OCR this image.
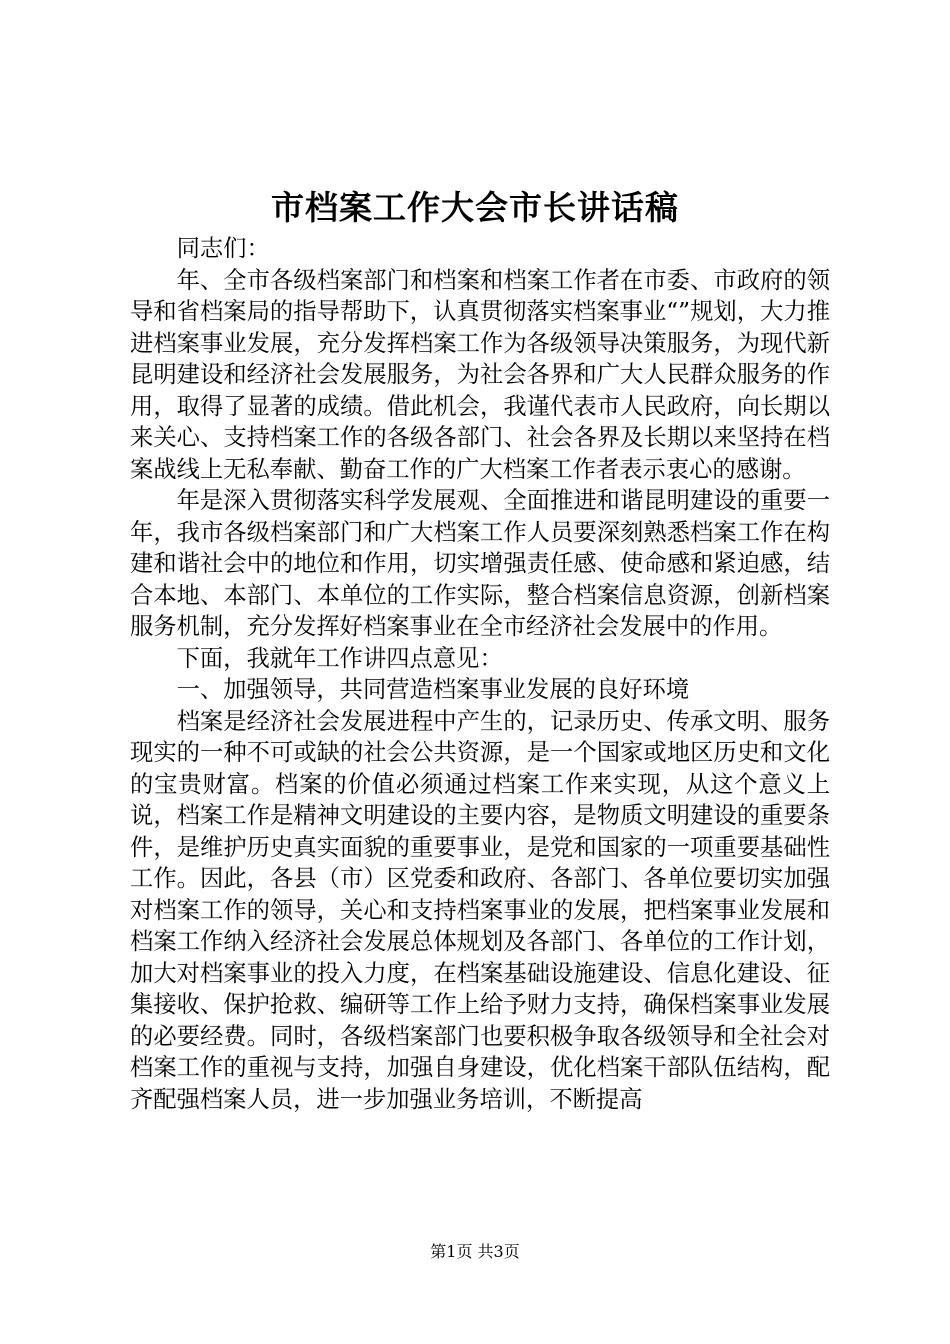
市档案工作大会市长讲话稿

同志们：

年、全市各级档案部门和档案和档案工作者在市委、市政府的领导和省档案局的指导帮助下，认真贯彻落实档案事业“”规划，大力推进档案事业发展，充分发挥档案工作为各级领导决策服务，为现代新昆明建设和经济社会发展服务，为社会各界和广大人民群众服务的作用，取得了显著的成绩。借此机会，我谨代表市人民政府，向长期以来关心、支持档案工作的各级各部门、社会各界及长期以来坚持在档案战线上无私奉献、勤奋工作的广大档案工作者表示衷心的感谢。

年是深入贯彻落实科学发展观、全面推进和谐昆明建设的重要一年，我市各级档案部门和广大档案工作人员要深刻熟悉档案工作在构建和谐社会中的地位和作用，切实增强责任感、使命感和紧迫感，结合本地、本部门、本单位的工作实际，整合档案信息资源，创新档案服务机制，充分发挥好档案事业在全市经济社会发展中的作用。

下面，我就年工作讲四点意见：

一、加强领导，共同营造档案事业发展的良好环境

档案是经济社会发展进程中产生的，记录历史、传承文明、服务现实的一种不可或缺的社会公共资源，是一个国家或地区历史和文化的宝贵财富。档案的价值必须通过档案工作来实现，从这个意义上说，档案工作是精神文明建设的主要内容，是物质文明建设的重要条件，是维护历史真实面貌的重要事业，是党和国家的一项重要基础性工作。因此，各县（市）区党委和政府、各部门、各单位要切实加强对档案工作的领导，关心和支持档案事业的发展，把档案事业发展和档案工作纳入经济社会发展总体规划及各部门、各单位的工作计划，加大对档案事业的投入力度，在档案基础设施建设、信息化建设、征集接收、保护抢救、编研等工作上给予财力支持，确保档案事业发展的必要经费。同时，各级档案部门也要积极争取各级领导和全社会对档案工作的重视与支持，加强自身建设，优化档案干部队伍结构，配齐配强档案人员，进一步加强业务培训，不断提高

第1页 共3页
